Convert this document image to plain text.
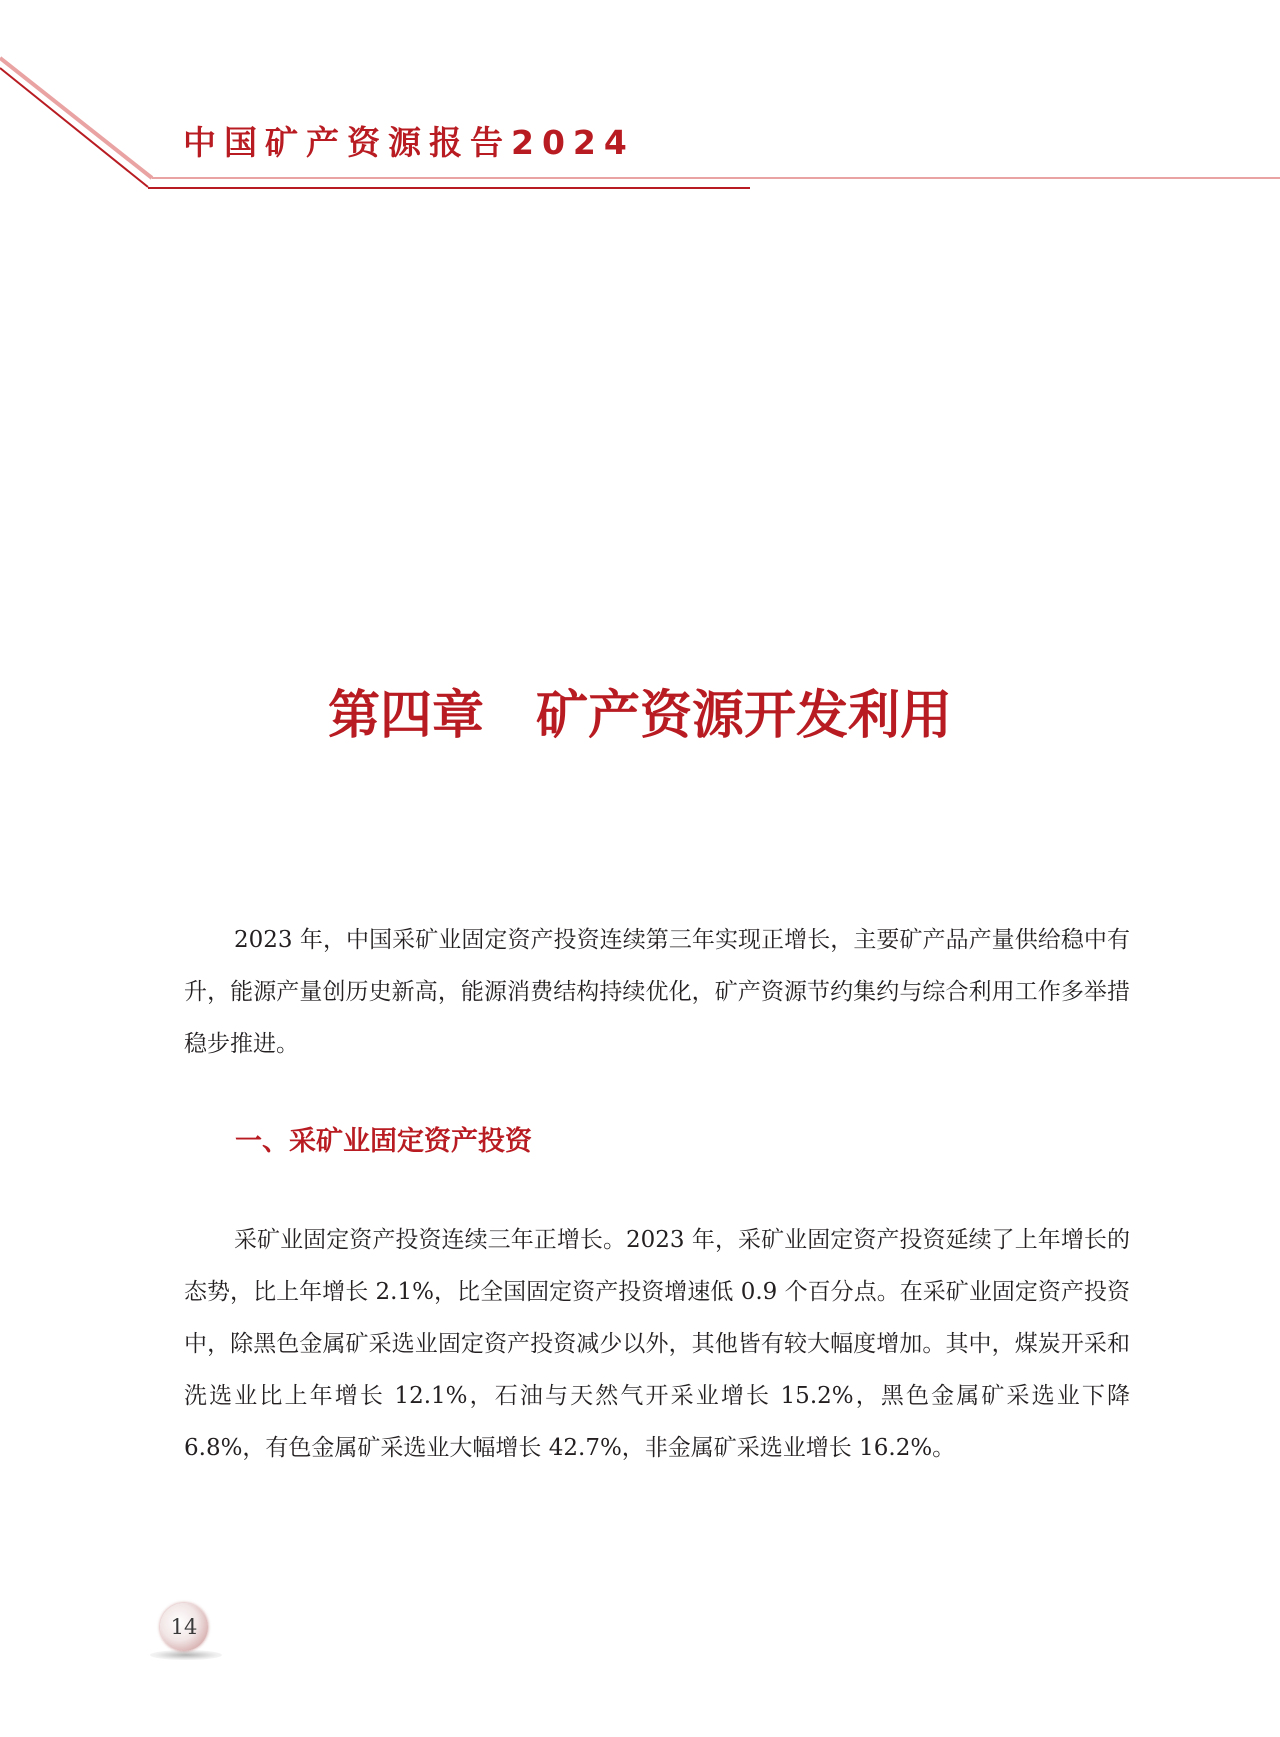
中国矿产资源报告2024
第四章 矿产资源开发利用

2023 年，中国采矿业固定资产投资连续第三年实现正增长，主要矿产品产量供给稳中有升，能源产量创历史新高，能源消费结构持续优化，矿产资源节约集约与综合利用工作多举措稳步推进。

一、采矿业固定资产投资

采矿业固定资产投资连续三年正增长。2023 年，采矿业固定资产投资延续了上年增长的态势，比上年增长 2.1%，比全国固定资产投资增速低 0.9 个百分点。在采矿业固定资产投资中，除黑色金属矿采选业固定资产投资减少以外，其他皆有较大幅度增加。其中，煤炭开采和洗选业比上年增长 12.1%，石油与天然气开采业增长 15.2%，黑色金属矿采选业下降 6.8%，有色金属矿采选业大幅增长 42.7%，非金属矿采选业增长 16.2%。

14
